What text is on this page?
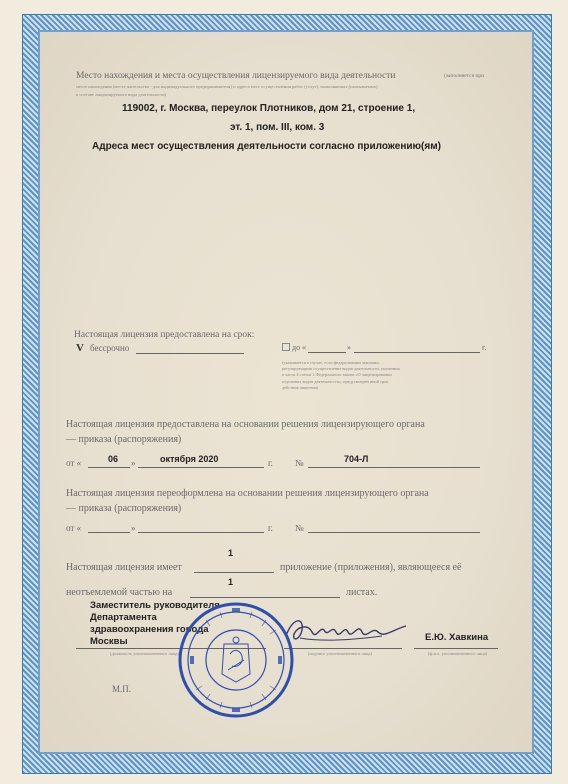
Место нахождения и места осуществления лицензируемого вида деятельности	(заполняется при
месте нахождения (месте жительства - для индивидуального предпринимателя) и адреса мест осуществления работ (услуг), выполняемых (оказываемых)
в составе лицензируемого вида деятельности)
119002, г. Москва, переулок Плотников, дом 21, строение 1,
эт. 1, пом. III, ком. 3
Адреса мест осуществления деятельности согласно приложению(ям)
Настоящая лицензия предоставлена на срок:
V бессрочно	до «	»	г.
(указывается в случае, если федеральными законами, регулирующими осуществление видов деятельности, указанных в части 4 статьи 1 Федерального закона «О лицензировании отдельных видов деятельности», предусмотрен иной срок действия лицензии)
Настоящая лицензия предоставлена на основании решения лицензирующего органа
— приказа (распоряжения)
от «	06 »	октября 2020	г. №	704-Л
Настоящая лицензия переоформлена на основании решения лицензирующего органа
— приказа (распоряжения)
от «	»	г. №
Настоящая лицензия имеет
1
приложение (приложения), являющееся её
неотъемлемой частью на
1
листах.
Заместитель руководителя
Департамента
здравоохранения города
Москвы
(должность уполномоченного лица)	(подпись уполномоченного лица)
Е.Ю. Хавкина
(ф.и.о. уполномоченного лица)
М.П.
